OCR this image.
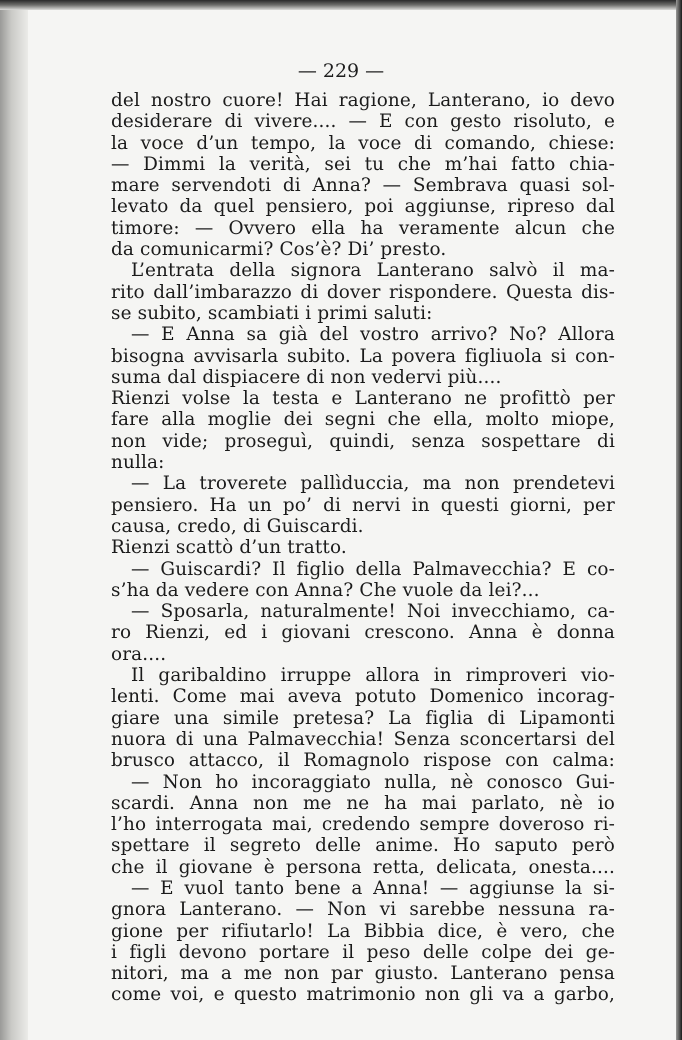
— 229 —

del nostro cuore! Hai ragione, Lanterano, io devo
desiderare di vivere.... — E con gesto risoluto, e
la voce d’un tempo, la voce di comando, chiese:
— Dimmi la verità, sei tu che m’hai fatto chia-
mare servendoti di Anna? — Sembrava quasi sol-
levato da quel pensiero, poi aggiunse, ripreso dal
timore: — Ovvero ella ha veramente alcun che
da comunicarmi? Cos’è? Di’ presto.
L’entrata della signora Lanterano salvò il ma-
rito dall’imbarazzo di dover rispondere. Questa dis-
se subito, scambiati i primi saluti:
— E Anna sa già del vostro arrivo? No? Allora
bisogna avvisarla subito. La povera figliuola si con-
suma dal dispiacere di non vedervi più....
Rienzi volse la testa e Lanterano ne profittò per
fare alla moglie dei segni che ella, molto miope,
non vide; proseguì, quindi, senza sospettare di
nulla:
— La troverete pallìduccia, ma non prendetevi
pensiero. Ha un po’ di nervi in questi giorni, per
causa, credo, di Guiscardi.
Rienzi scattò d’un tratto.
— Guiscardi? Il figlio della Palmavecchia? E co-
s’ha da vedere con Anna? Che vuole da lei?...
— Sposarla, naturalmente! Noi invecchiamo, ca-
ro Rienzi, ed i giovani crescono. Anna è donna
ora....
Il garibaldino irruppe allora in rimproveri vio-
lenti. Come mai aveva potuto Domenico incorag-
giare una simile pretesa? La figlia di Lipamonti
nuora di una Palmavecchia! Senza sconcertarsi del
brusco attacco, il Romagnolo rispose con calma:
— Non ho incoraggiato nulla, nè conosco Gui-
scardi. Anna non me ne ha mai parlato, nè io
l’ho interrogata mai, credendo sempre doveroso ri-
spettare il segreto delle anime. Ho saputo però
che il giovane è persona retta, delicata, onesta....
— E vuol tanto bene a Anna! — aggiunse la si-
gnora Lanterano. — Non vi sarebbe nessuna ra-
gione per rifiutarlo! La Bibbia dice, è vero, che
i figli devono portare il peso delle colpe dei ge-
nitori, ma a me non par giusto. Lanterano pensa
come voi, e questo matrimonio non gli va a garbo,
